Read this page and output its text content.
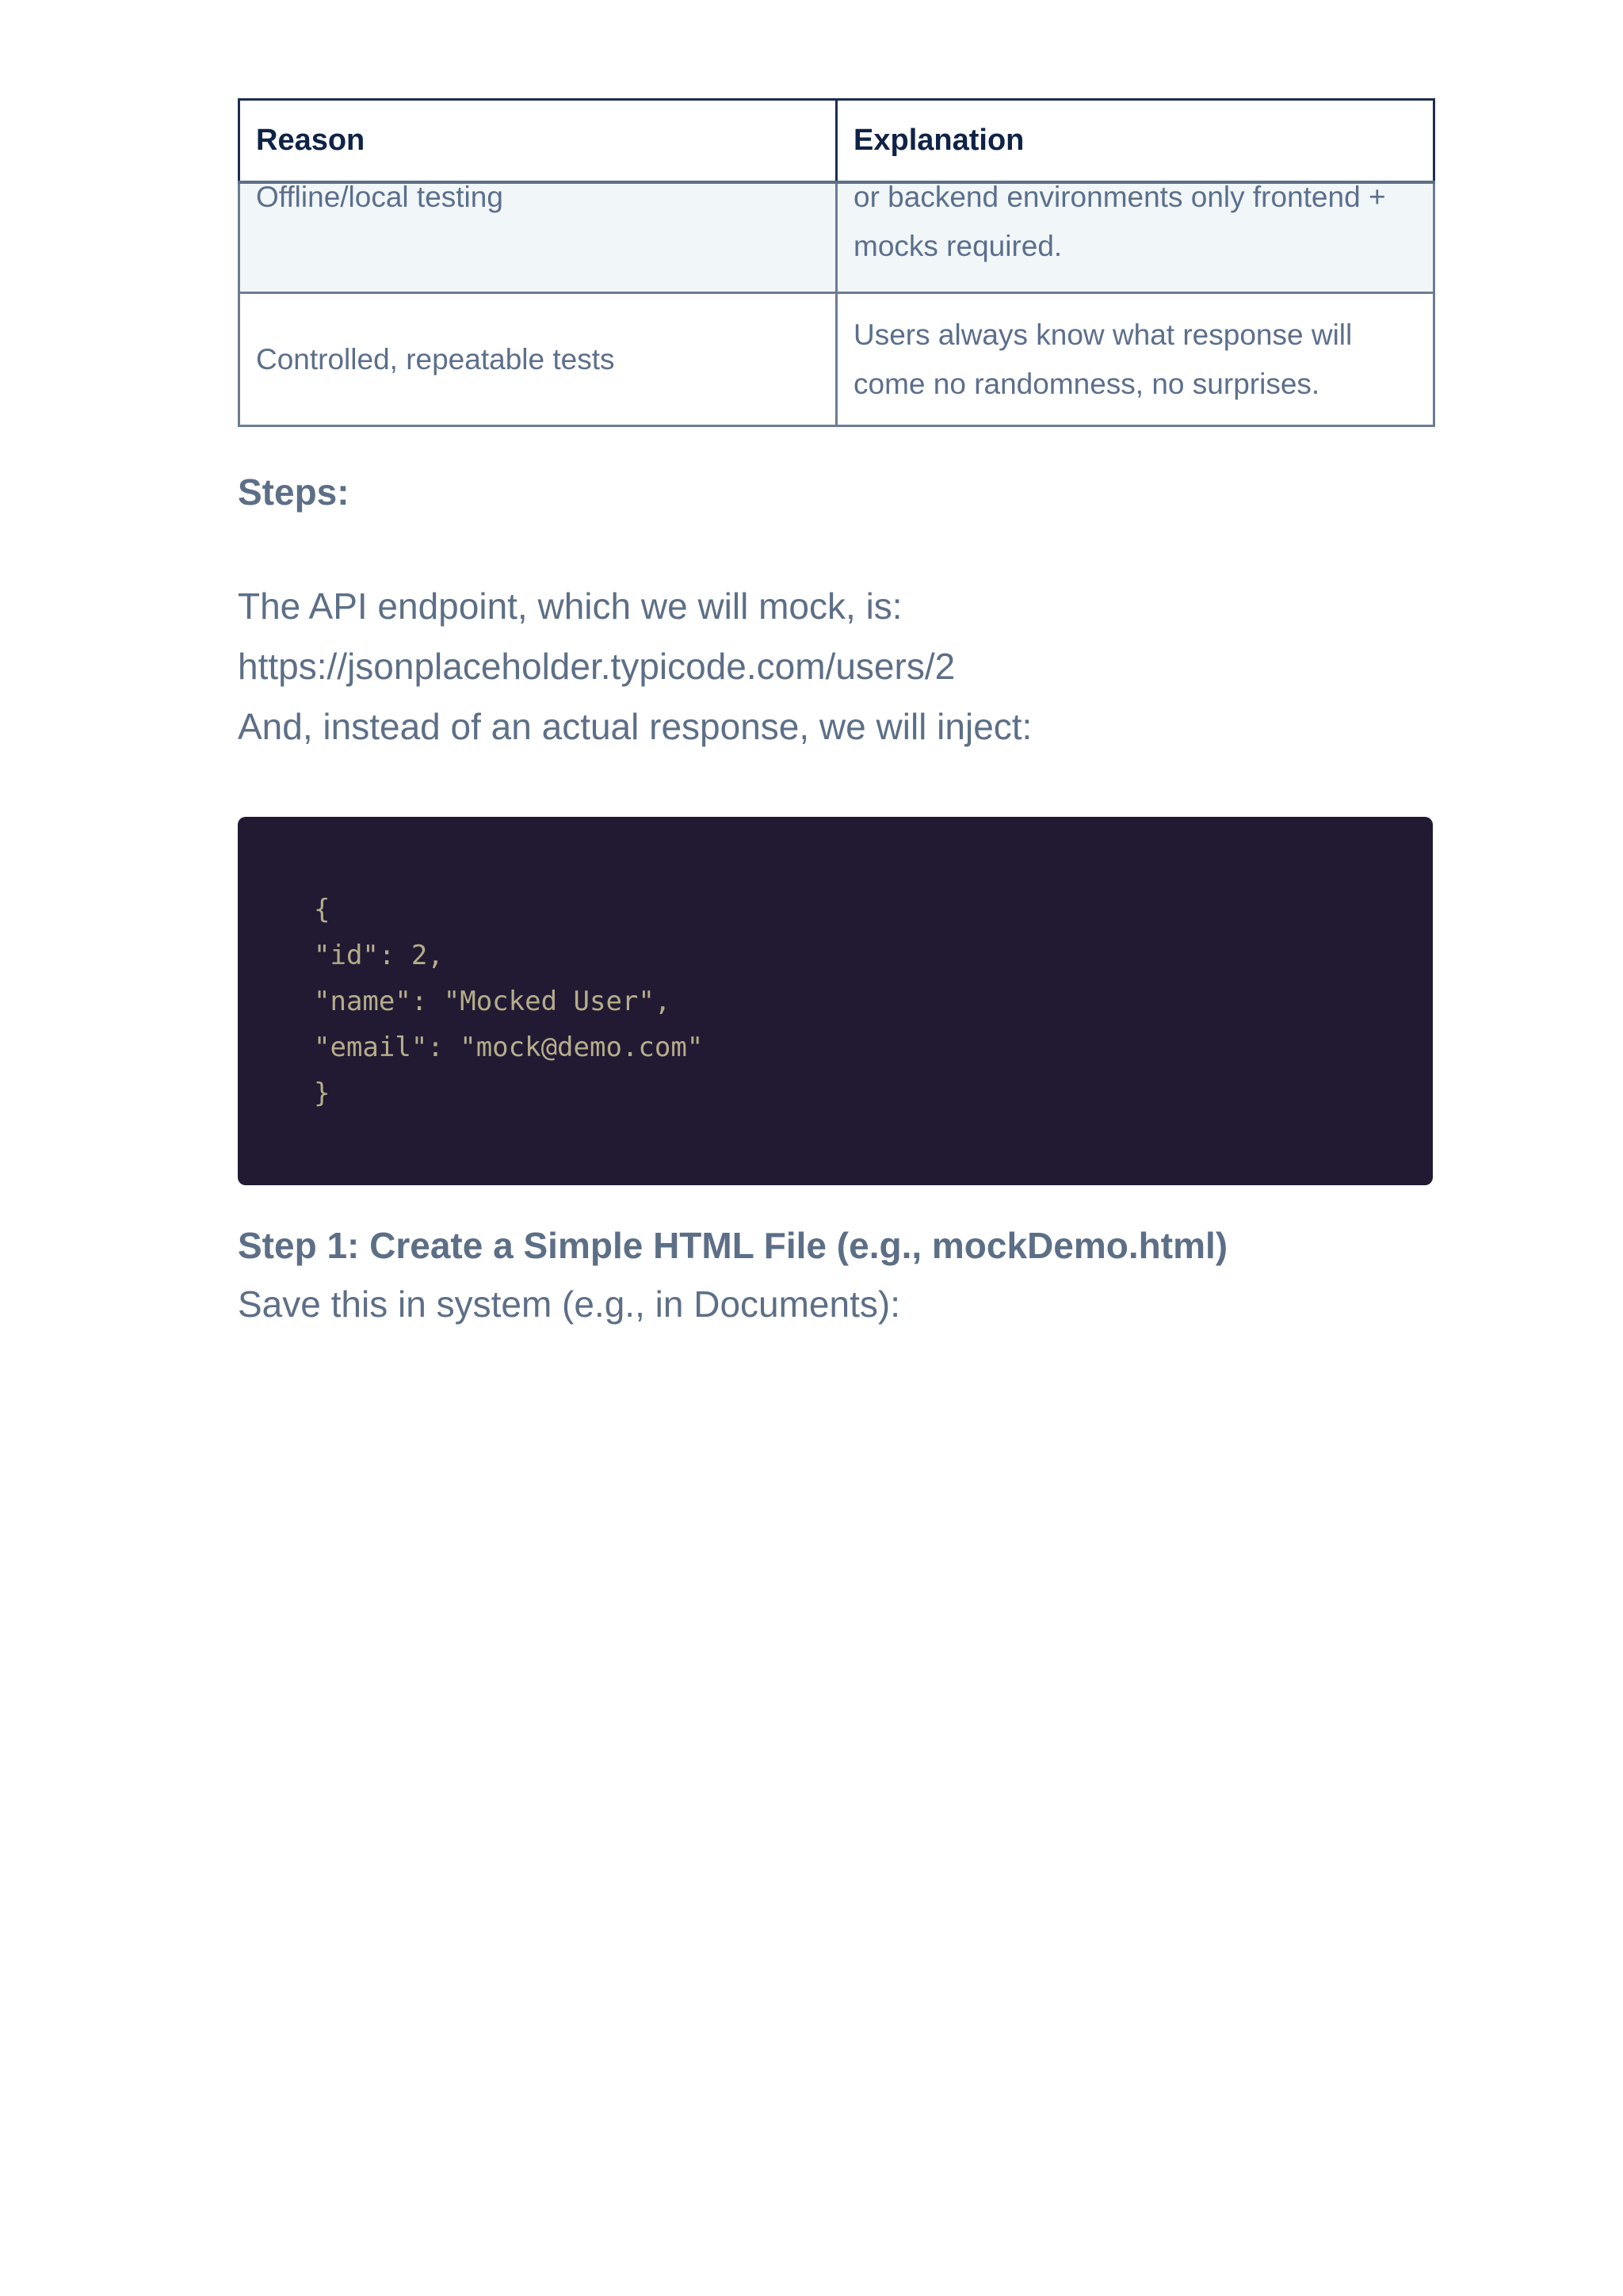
Reason	Explanation
Offline/local testing	or backend environments only frontend + mocks required.
Controlled, repeatable tests	Users always know what response will come no randomness, no surprises.
Steps:
The API endpoint, which we will mock, is:
https://jsonplaceholder.typicode.com/users/2
And, instead of an actual response, we will inject:
{
"id": 2,
"name": "Mocked User",
"email": "mock@demo.com"
}
Step 1: Create a Simple HTML File (e.g., mockDemo.html)
Save this in system (e.g., in Documents):
